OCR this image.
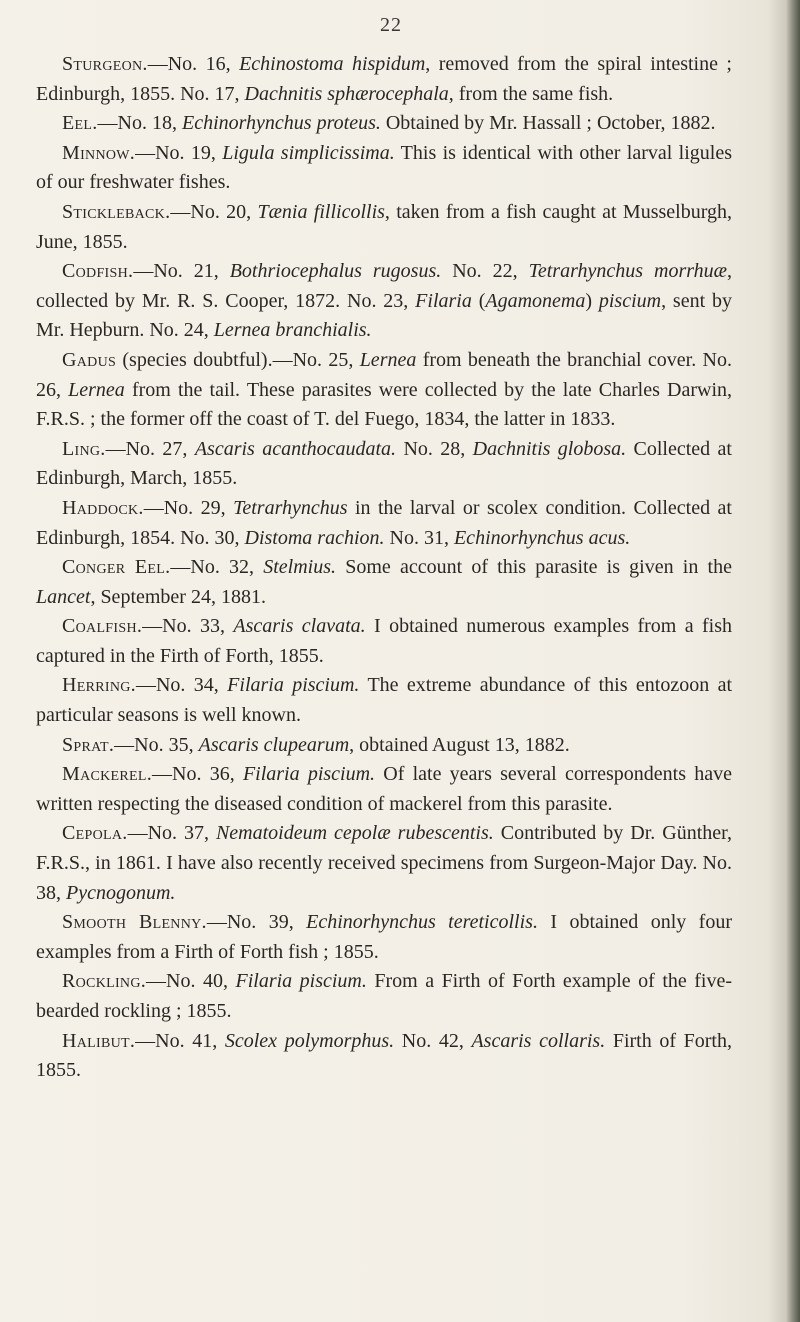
22

Sturgeon.—No. 16, Echinostoma hispidum, removed from the spiral intestine ; Edinburgh, 1855. No. 17, Dachnitis sphærocephala, from the same fish.

Eel.—No. 18, Echinorhynchus proteus. Obtained by Mr. Hassall ; October, 1882.

Minnow.—No. 19, Ligula simplicissima. This is identical with other larval ligules of our freshwater fishes.

Stickleback.—No. 20, Tænia fillicollis, taken from a fish caught at Musselburgh, June, 1855.

Codfish.—No. 21, Bothriocephalus rugosus. No. 22, Tetrarhynchus morrhuæ, collected by Mr. R. S. Cooper, 1872. No. 23, Filaria (Agamonema) piscium, sent by Mr. Hepburn. No. 24, Lernea branchialis.

Gadus (species doubtful).—No. 25, Lernea from beneath the branchial cover. No. 26, Lernea from the tail. These parasites were collected by the late Charles Darwin, F.R.S. ; the former off the coast of T. del Fuego, 1834, the latter in 1833.

Ling.—No. 27, Ascaris acanthocaudata. No. 28, Dachnitis globosa. Collected at Edinburgh, March, 1855.

Haddock.—No. 29, Tetrarhynchus in the larval or scolex condition. Collected at Edinburgh, 1854. No. 30, Distoma rachion. No. 31, Echinorhynchus acus.

Conger Eel.—No. 32, Stelmius. Some account of this parasite is given in the Lancet, September 24, 1881.

Coalfish.—No. 33, Ascaris clavata. I obtained numerous examples from a fish captured in the Firth of Forth, 1855.

Herring.—No. 34, Filaria piscium. The extreme abundance of this entozoon at particular seasons is well known.

Sprat.—No. 35, Ascaris clupearum, obtained August 13, 1882.

Mackerel.—No. 36, Filaria piscium. Of late years several correspondents have written respecting the diseased condition of mackerel from this parasite.

Cepola.—No. 37, Nematoideum cepolæ rubescentis. Contributed by Dr. Günther, F.R.S., in 1861. I have also recently received specimens from Surgeon-Major Day. No. 38, Pycnogonum.

Smooth Blenny.—No. 39, Echinorhynchus tereticollis. I obtained only four examples from a Firth of Forth fish ; 1855.

Rockling.—No. 40, Filaria piscium. From a Firth of Forth example of the five-bearded rockling ; 1855.

Halibut.—No. 41, Scolex polymorphus. No. 42, Ascaris collaris. Firth of Forth, 1855.
